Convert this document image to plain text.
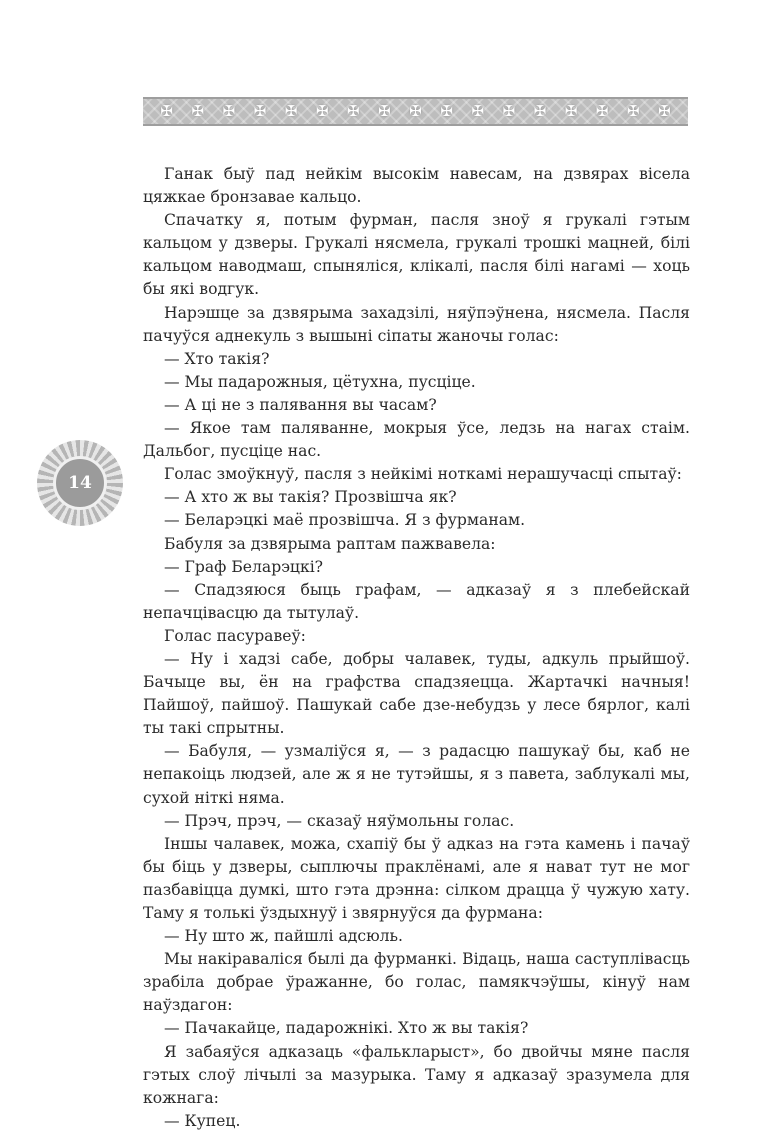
✠ ✠ ✠ ✠ ✠ ✠ ✠ ✠ ✠ ✠ ✠ ✠ ✠ ✠ ✠ ✠ ✠
14

Ганак быў пад нейкім высокім навесам, на дзвярах вісела цяжкае бронзавае кальцо.

Спачатку я, потым фурман, пасля зноў я грукалі гэтым кальцом у дзверы. Грукалі нясмела, грукалі трошкі мацней, білі кальцом наводмаш, спыняліся, клікалі, пасля білі нагамі — хоць бы які водгук.

Нарэшце за дзвярыма захадзілі, няўпэўнена, нясмела. Пасля пачуўся аднекуль з вышыні сіпаты жаночы голас:

— Хто такія?

— Мы падарожныя, цётухна, пусціце.

— А ці не з палявання вы часам?

— Якое там паляванне, мокрыя ўсе, ледзь на нагах стаім. Дальбог, пусціце нас.

Голас змоўкнуў, пасля з нейкімі ноткамі нерашучасці спытаў:

— А хто ж вы такія? Прозвішча як?

— Беларэцкі маё прозвішча. Я з фурманам.

Бабуля за дзвярыма раптам пажвавела:

— Граф Беларэцкі?

— Спадзяюся быць графам, — адказаў я з плебейскай непачцівасцю да тытулаў.

Голас пасуравеў:

— Ну і хадзі сабе, добры чалавек, туды, адкуль прыйшоў. Бачыце вы, ён на графства спадзяецца. Жартачкі начныя! Пайшоў, пайшоў. Пашукай сабе дзе-небудзь у лесе бярлог, калі ты такі спрытны.

— Бабуля, — узмаліўся я, — з радасцю пашукаў бы, каб не непакоіць людзей, але ж я не тутэйшы, я з павета, заблукалі мы, сухой ніткі няма.

— Прэч, прэч, — сказаў няўмольны голас.

Іншы чалавек, можа, схапіў бы ў адказ на гэта камень і пачаў бы біць у дзверы, сыплючы праклёнамі, але я нават тут не мог пазбавіцца думкі, што гэта дрэнна: сілком драцца ў чужую хату. Таму я толькі ўздыхнуў і звярнуўся да фурмана:

— Ну што ж, пайшлі адсюль.

Мы накіраваліся былі да фурманкі. Відаць, наша саступлівасць зрабіла добрае ўражанне, бо голас, памякчэўшы, кінуў нам наўздагон:

— Пачакайце, падарожнікі. Хто ж вы такія?

Я забаяўся адказаць «фалькларыст», бо двойчы мяне пасля гэтых слоў лічылі за мазурыка. Таму я адказаў зразумела для кожнага:

— Купец.
